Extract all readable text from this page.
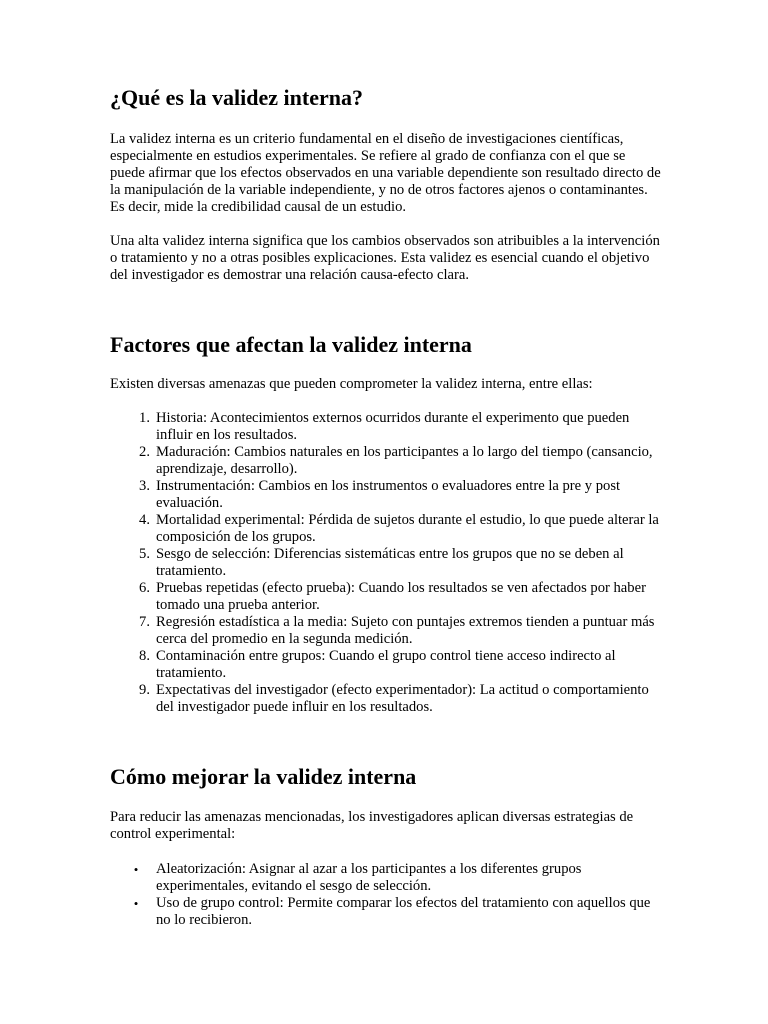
¿Qué es la validez interna?

La validez interna es un criterio fundamental en el diseño de investigaciones científicas, especialmente en estudios experimentales. Se refiere al grado de confianza con el que se puede afirmar que los efectos observados en una variable dependiente son resultado directo de la manipulación de la variable independiente, y no de otros factores ajenos o contaminantes. Es decir, mide la credibilidad causal de un estudio.

Una alta validez interna significa que los cambios observados son atribuibles a la intervención o tratamiento y no a otras posibles explicaciones. Esta validez es esencial cuando el objetivo del investigador es demostrar una relación causa-efecto clara.

Factores que afectan la validez interna

Existen diversas amenazas que pueden comprometer la validez interna, entre ellas:

1. Historia: Acontecimientos externos ocurridos durante el experimento que pueden influir en los resultados.
2. Maduración: Cambios naturales en los participantes a lo largo del tiempo (cansancio, aprendizaje, desarrollo).
3. Instrumentación: Cambios en los instrumentos o evaluadores entre la pre y post evaluación.
4. Mortalidad experimental: Pérdida de sujetos durante el estudio, lo que puede alterar la composición de los grupos.
5. Sesgo de selección: Diferencias sistemáticas entre los grupos que no se deben al tratamiento.
6. Pruebas repetidas (efecto prueba): Cuando los resultados se ven afectados por haber tomado una prueba anterior.
7. Regresión estadística a la media: Sujeto con puntajes extremos tienden a puntuar más cerca del promedio en la segunda medición.
8. Contaminación entre grupos: Cuando el grupo control tiene acceso indirecto al tratamiento.
9. Expectativas del investigador (efecto experimentador): La actitud o comportamiento del investigador puede influir en los resultados.
Cómo mejorar la validez interna

Para reducir las amenazas mencionadas, los investigadores aplican diversas estrategias de control experimental:

• Aleatorización: Asignar al azar a los participantes a los diferentes grupos experimentales, evitando el sesgo de selección.
• Uso de grupo control: Permite comparar los efectos del tratamiento con aquellos que no lo recibieron.
